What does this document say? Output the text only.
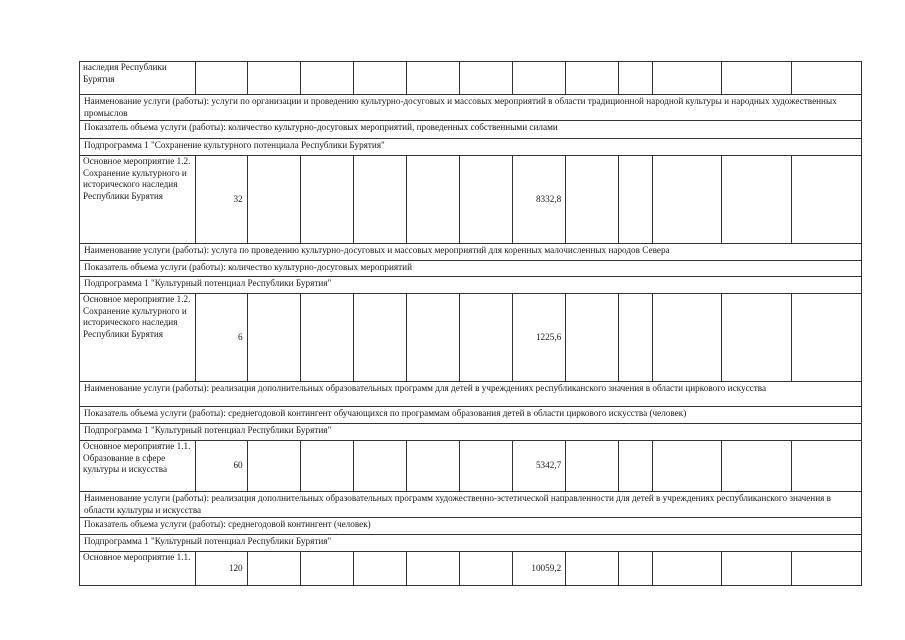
наследия Республики Бурятия												
Наименование услуги (работы): услуги по организации и проведению культурно-досуговых и массовых мероприятий в области традиционной народной культуры и народных художественных промыслов												
Показатель объема услуги (работы): количество культурно-досуговых мероприятий, проведенных собственными силами												
Подпрограмма 1 "Сохранение культурного потенциала Республики Бурятия"												
Основное мероприятие 1.2. Сохранение культурного и исторического наследия Республики Бурятия	32						8332,8					
Наименование услуги (работы): услуга по проведению культурно-досуговых и массовых мероприятий для коренных малочисленных народов Севера												
Показатель объема услуги (работы): количество культурно-досуговых мероприятий												
Подпрограмма 1 "Культурный потенциал Республики Бурятия"												
Основное мероприятие 1.2. Сохранение культурного и исторического наследия Республики Бурятия	6						1225,6					
Наименование услуги (работы): реализация дополнительных образовательных программ для детей в учреждениях республиканского значения в области циркового искусства												
Показатель объема услуги (работы): среднегодовой контингент обучающихся по программам образования детей в области циркового искусства (человек)												
Подпрограмма 1 "Культурный потенциал Республики Бурятия"												
Основное мероприятие 1.1. Образование в сфере культуры и искусства	60						5342,7					
Наименование услуги (работы): реализация дополнительных образовательных программ художественно-эстетической направленности для детей в учреждениях республиканского значения в области культуры и искусства												
Показатель объема услуги (работы): среднегодовой контингент (человек)												
Подпрограмма 1 "Культурный потенциал Республики Бурятия"												
Основное мероприятие 1.1.	120						10059,2					
